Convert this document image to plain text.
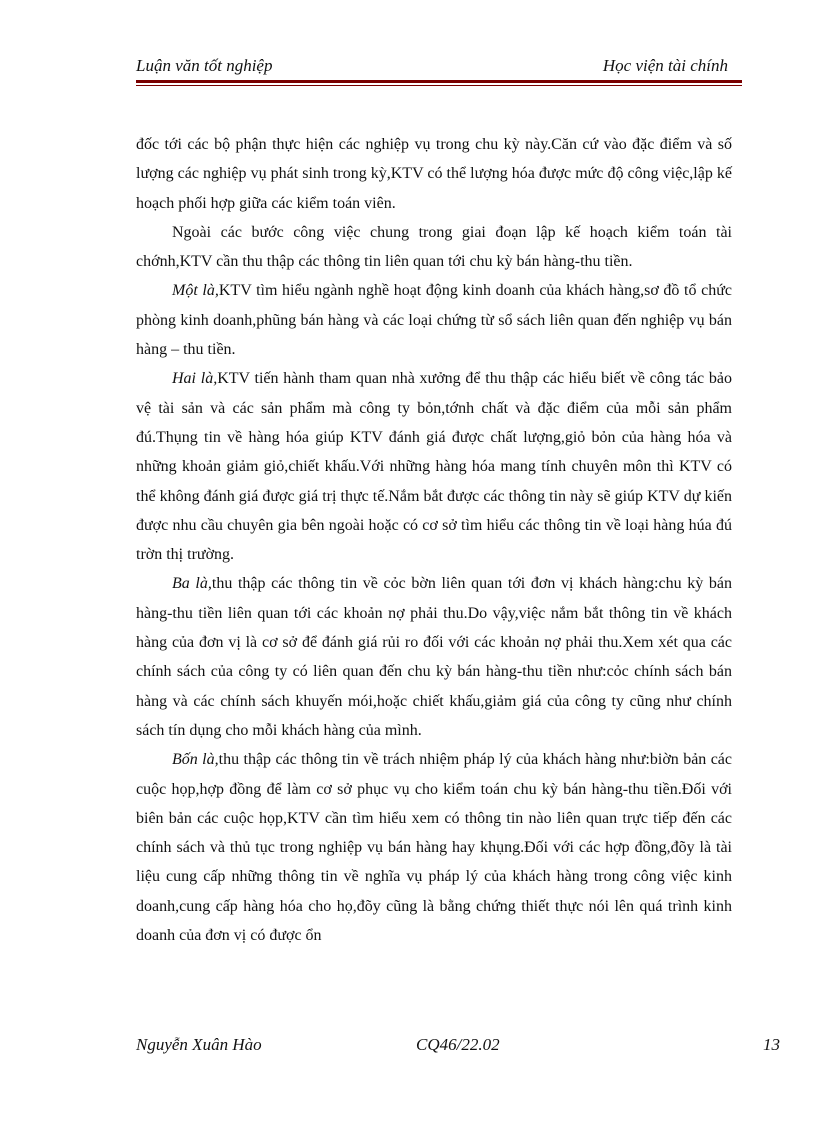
Luận văn tốt nghiệp	Học viện tài chính

đốc tới các bộ phận thực hiện các nghiệp vụ trong chu kỳ này.Căn cứ vào đặc điểm và số lượng các nghiệp vụ phát sinh trong kỳ,KTV có thể lượng hóa được mức độ công việc,lập kế hoạch phối hợp giữa các kiểm toán viên.

Ngoài các bước công việc chung trong giai đoạn lập kế hoạch kiểm toán tài chớnh,KTV cần thu thập các thông tin liên quan tới chu kỳ bán hàng-thu tiền.

Một là,KTV tìm hiểu ngành nghề hoạt động kinh doanh của khách hàng,sơ đồ tổ chức phòng kinh doanh,phũng bán hàng và các loại chứng từ sổ sách liên quan đến nghiệp vụ bán hàng – thu tiền.

Hai là,KTV tiến hành tham quan nhà xưởng để thu thập các hiểu biết về công tác bảo vệ tài sản và các sản phẩm mà công ty bỏn,tớnh chất và đặc điểm của mỗi sản phẩm đú.Thụng tin về hàng hóa giúp KTV đánh giá được chất lượng,giỏ bỏn của hàng hóa và những khoản giảm giỏ,chiết khấu.Với những hàng hóa mang tính chuyên môn thì KTV có thể không đánh giá được giá trị thực tế.Nắm bắt được các thông tin này sẽ giúp KTV dự kiến được nhu cầu chuyên gia bên ngoài hoặc có cơ sở tìm hiểu các thông tin về loại hàng húa đú trờn thị trường.

Ba là,thu thập các thông tin về cỏc bờn liên quan tới đơn vị khách hàng:chu kỳ bán hàng-thu tiền liên quan tới các khoản nợ phải thu.Do vậy,việc nắm bắt thông tin về khách hàng của đơn vị là cơ sở để đánh giá rủi ro đối với các khoản nợ phải thu.Xem xét qua các chính sách của công ty có liên quan đến chu kỳ bán hàng-thu tiền như:cỏc chính sách bán hàng và các chính sách khuyến mói,hoặc chiết khấu,giảm giá của công ty cũng như chính sách tín dụng cho mỗi khách hàng của mình.

Bốn là,thu thập các thông tin về trách nhiệm pháp lý của khách hàng như:biờn bản các cuộc họp,hợp đồng để làm cơ sở phục vụ cho kiểm toán chu kỳ bán hàng-thu tiền.Đối với biên bản các cuộc họp,KTV cần tìm hiểu xem có thông tin nào liên quan trực tiếp đến các chính sách và thủ tục trong nghiệp vụ bán hàng hay khụng.Đối với các hợp đồng,đõy là tài liệu cung cấp những thông tin về nghĩa vụ pháp lý của khách hàng trong công việc kinh doanh,cung cấp hàng hóa cho họ,đõy cũng là bằng chứng thiết thực nói lên quá trình kinh doanh của đơn vị có được ổn

Nguyễn Xuân Hào	CQ46/22.02	13
